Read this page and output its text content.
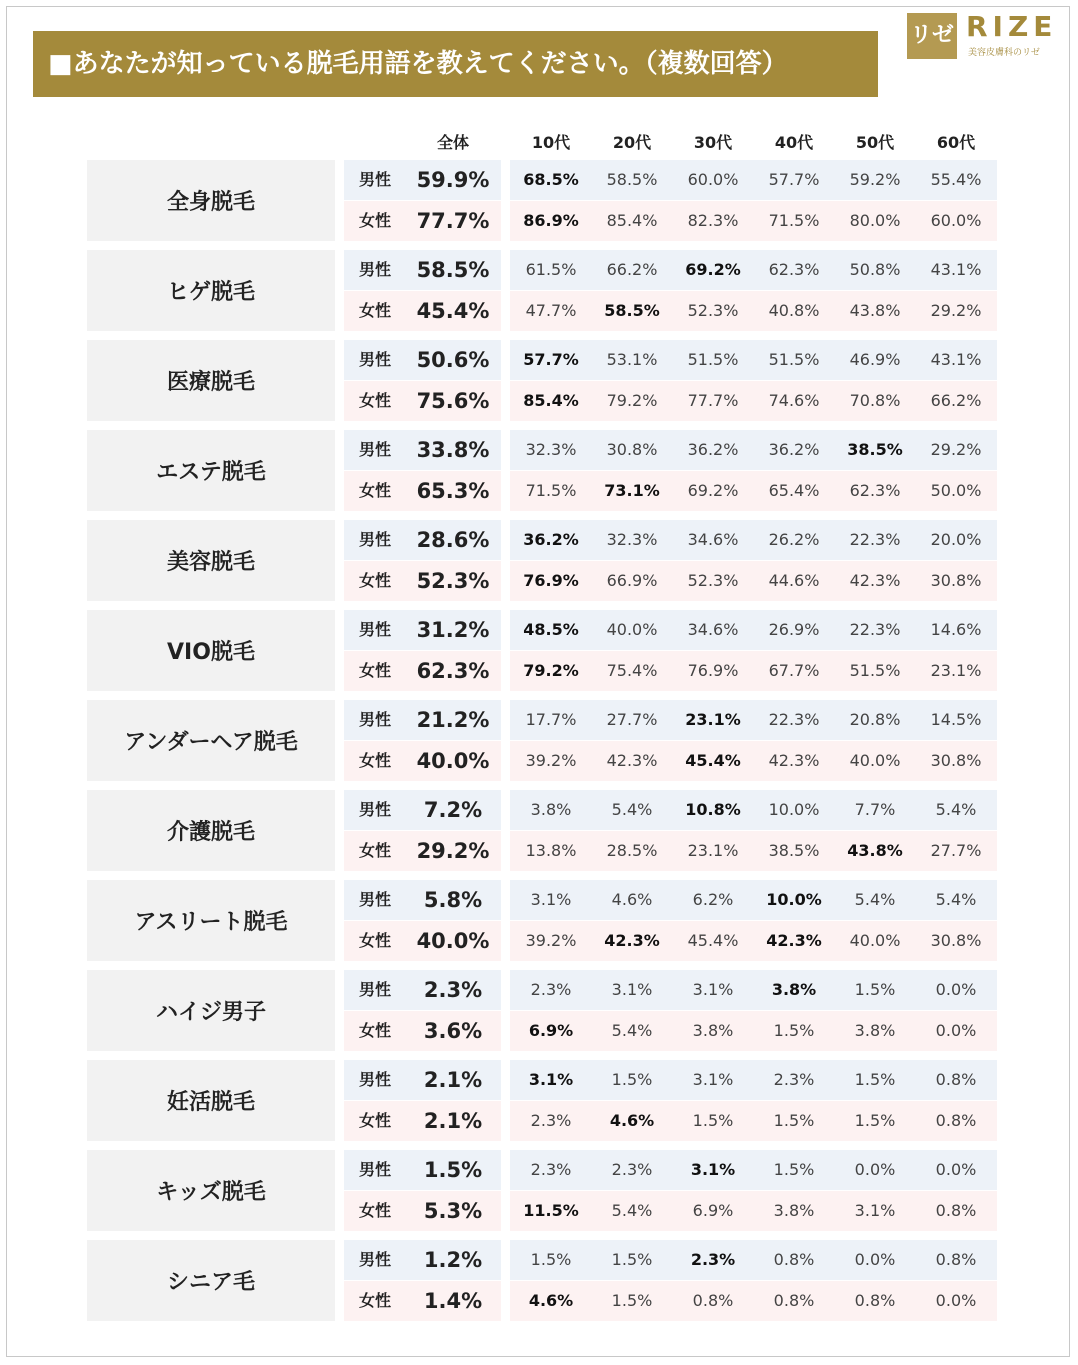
■あなたが知っている脱毛用語を教えてください。（複数回答）
リゼ RIZE
美容皮膚科のリゼ
全体	10代	20代	30代	40代	50代	60代
全身脱毛
男性	59.9%	68.5%	58.5%	60.0%	57.7%	59.2%	55.4%
女性	77.7%	86.9%	85.4%	82.3%	71.5%	80.0%	60.0%
ヒゲ脱毛
男性	58.5%	61.5%	66.2%	69.2%	62.3%	50.8%	43.1%
女性	45.4%	47.7%	58.5%	52.3%	40.8%	43.8%	29.2%
医療脱毛
男性	50.6%	57.7%	53.1%	51.5%	51.5%	46.9%	43.1%
女性	75.6%	85.4%	79.2%	77.7%	74.6%	70.8%	66.2%
エステ脱毛
男性	33.8%	32.3%	30.8%	36.2%	36.2%	38.5%	29.2%
女性	65.3%	71.5%	73.1%	69.2%	65.4%	62.3%	50.0%
美容脱毛
男性	28.6%	36.2%	32.3%	34.6%	26.2%	22.3%	20.0%
女性	52.3%	76.9%	66.9%	52.3%	44.6%	42.3%	30.8%
VIO脱毛
男性	31.2%	48.5%	40.0%	34.6%	26.9%	22.3%	14.6%
女性	62.3%	79.2%	75.4%	76.9%	67.7%	51.5%	23.1%
アンダーヘア脱毛
男性	21.2%	17.7%	27.7%	23.1%	22.3%	20.8%	14.5%
女性	40.0%	39.2%	42.3%	45.4%	42.3%	40.0%	30.8%
介護脱毛
男性	7.2%	3.8%	5.4%	10.8%	10.0%	7.7%	5.4%
女性	29.2%	13.8%	28.5%	23.1%	38.5%	43.8%	27.7%
アスリート脱毛
男性	5.8%	3.1%	4.6%	6.2%	10.0%	5.4%	5.4%
女性	40.0%	39.2%	42.3%	45.4%	42.3%	40.0%	30.8%
ハイジ男子
男性	2.3%	2.3%	3.1%	3.1%	3.8%	1.5%	0.0%
女性	3.6%	6.9%	5.4%	3.8%	1.5%	3.8%	0.0%
妊活脱毛
男性	2.1%	3.1%	1.5%	3.1%	2.3%	1.5%	0.8%
女性	2.1%	2.3%	4.6%	1.5%	1.5%	1.5%	0.8%
キッズ脱毛
男性	1.5%	2.3%	2.3%	3.1%	1.5%	0.0%	0.0%
女性	5.3%	11.5%	5.4%	6.9%	3.8%	3.1%	0.8%
シニア毛
男性	1.2%	1.5%	1.5%	2.3%	0.8%	0.0%	0.8%
女性	1.4%	4.6%	1.5%	0.8%	0.8%	0.8%	0.0%
